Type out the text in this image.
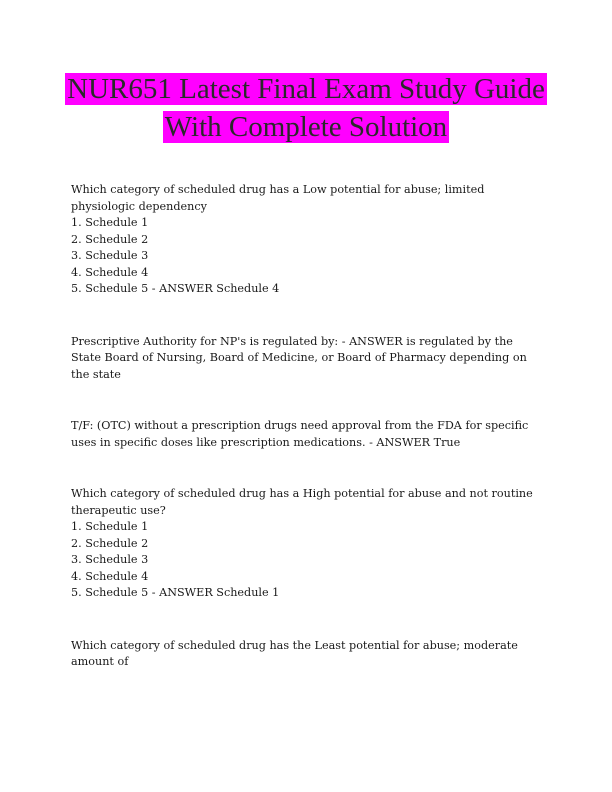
NUR651 Latest Final Exam Study Guide
With Complete Solution

Which category of scheduled drug has a Low potential for abuse; limited physiologic dependency

1. Schedule 1

2. Schedule 2

3. Schedule 3

4. Schedule 4

5. Schedule 5 - ANSWER Schedule 4

Prescriptive Authority for NP's is regulated by: - ANSWER is regulated by the State Board of Nursing, Board of Medicine, or Board of Pharmacy depending on the state

T/F: (OTC) without a prescription drugs need approval from the FDA for specific uses in specific doses like prescription medications. - ANSWER True

Which category of scheduled drug has a High potential for abuse and not routine therapeutic use?

1. Schedule 1

2. Schedule 2

3. Schedule 3

4. Schedule 4

5. Schedule 5 - ANSWER Schedule 1

Which category of scheduled drug has the Least potential for abuse; moderate amount of
